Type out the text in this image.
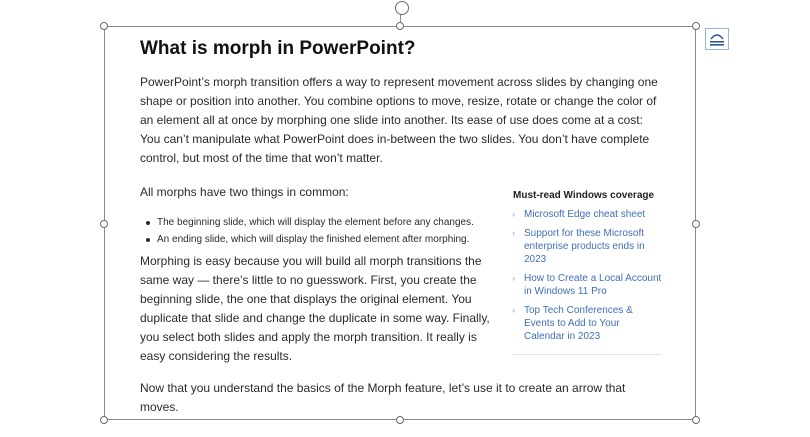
What is morph in PowerPoint?

PowerPoint’s morph transition offers a way to represent movement across slides by changing one shape or position into another. You combine options to move, resize, rotate or change the color of an element all at once by morphing one slide into another. Its ease of use does come at a cost: You can’t manipulate what PowerPoint does in-between the two slides. You don’t have complete control, but most of the time that won’t matter.

All morphs have two things in common:

The beginning slide, which will display the element before any changes.
An ending slide, which will display the finished element after morphing.

Morphing is easy because you will build all morph transitions the same way — there’s little to no guesswork. First, you create the beginning slide, the one that displays the original element. You duplicate that slide and change the duplicate in some way. Finally, you select both slides and apply the morph transition. It really is easy considering the results.

Now that you understand the basics of the Morph feature, let’s use it to create an arrow that moves.

Must-read Windows coverage
› Microsoft Edge cheat sheet
› Support for these Microsoft enterprise products ends in 2023
› How to Create a Local Account in Windows 11 Pro
› Top Tech Conferences & Events to Add to Your Calendar in 2023
